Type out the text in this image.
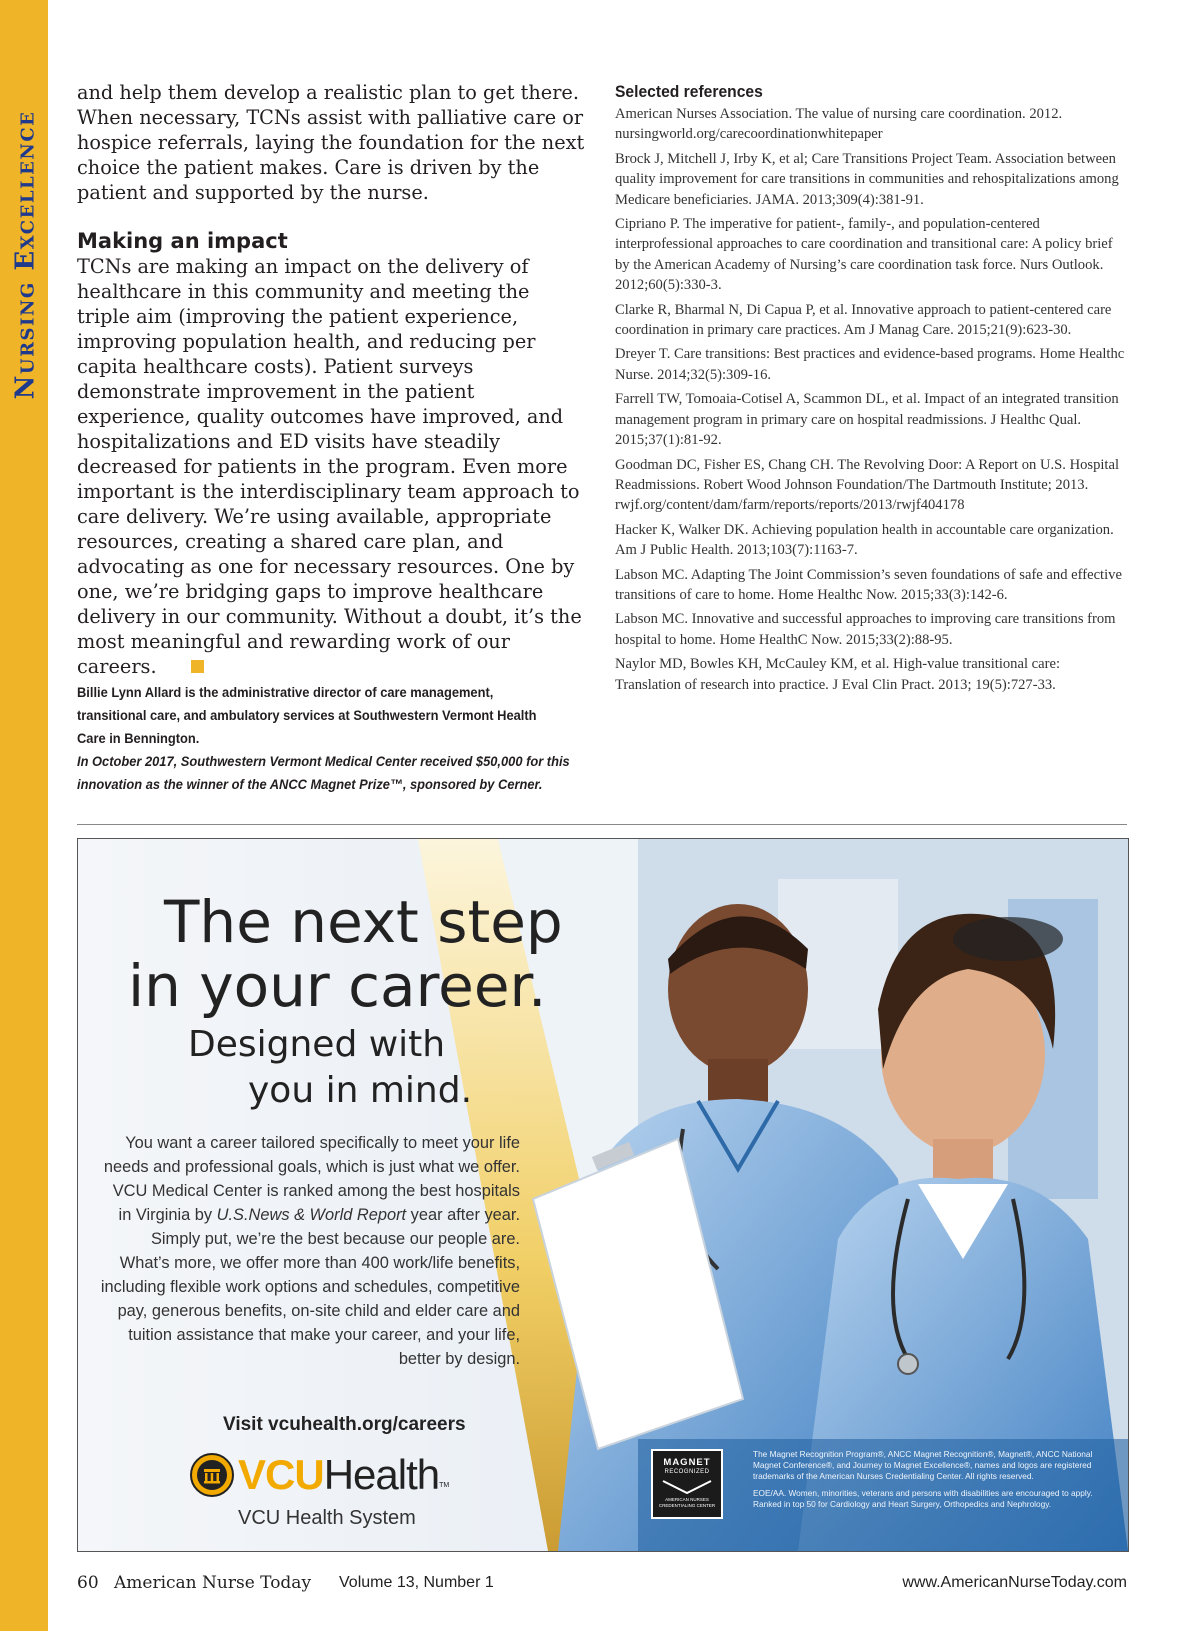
Nursing Excellence

and help them develop a realistic plan to get there. When necessary, TCNs assist with palliative care or hospice referrals, laying the foundation for the next choice the patient makes. Care is driven by the patient and supported by the nurse.

Making an impact

TCNs are making an impact on the delivery of healthcare in this community and meeting the triple aim (improving the patient experience, improving population health, and reducing per capita healthcare costs). Patient surveys demonstrate improvement in the patient experience, quality outcomes have improved, and hospitalizations and ED visits have steadily decreased for patients in the program. Even more important is the interdisciplinary team approach to care delivery. We’re using available, appropriate resources, creating a shared care plan, and advocating as one for necessary resources. One by one, we’re bridging gaps to improve healthcare delivery in our community. Without a doubt, it’s the most meaningful and rewarding work of our careers.

Billie Lynn Allard is the administrative director of care management, transitional care, and ambulatory services at Southwestern Vermont Health Care in Bennington.
In October 2017, Southwestern Vermont Medical Center received $50,000 for this innovation as the winner of the ANCC Magnet Prize™, sponsored by Cerner.
Selected references

American Nurses Association. The value of nursing care coordination. 2012. nursingworld.org/carecoordinationwhitepaper

Brock J, Mitchell J, Irby K, et al; Care Transitions Project Team. Association between quality improvement for care transitions in communities and rehospitalizations among Medicare beneficiaries. JAMA. 2013;309(4):381-91.

Cipriano P. The imperative for patient-, family-, and population-centered interprofessional approaches to care coordination and transitional care: A policy brief by the American Academy of Nursing’s care coordination task force. Nurs Outlook. 2012;60(5):330-3.

Clarke R, Bharmal N, Di Capua P, et al. Innovative approach to patient-centered care coordination in primary care practices. Am J Manag Care. 2015;21(9):623-30.

Dreyer T. Care transitions: Best practices and evidence-based programs. Home Healthc Nurse. 2014;32(5):309-16.

Farrell TW, Tomoaia-Cotisel A, Scammon DL, et al. Impact of an integrated transition management program in primary care on hospital readmissions. J Healthc Qual. 2015;37(1):81-92.

Goodman DC, Fisher ES, Chang CH. The Revolving Door: A Report on U.S. Hospital Readmissions. Robert Wood Johnson Foundation/The Dartmouth Institute; 2013. rwjf.org/content/dam/farm/reports/reports/2013/rwjf404178

Hacker K, Walker DK. Achieving population health in accountable care organization. Am J Public Health. 2013;103(7):1163-7.

Labson MC. Adapting The Joint Commission’s seven foundations of safe and effective transitions of care to home. Home Healthc Now. 2015;33(3):142-6.

Labson MC. Innovative and successful approaches to improving care transitions from hospital to home. Home HealthC Now. 2015;33(2):88-95.

Naylor MD, Bowles KH, McCauley KM, et al. High-value transitional care: Translation of research into practice. J Eval Clin Pract. 2013; 19(5):727-33.

The next step
in your career.
Designed with
you in mind.

You want a career tailored specifically to meet your life needs and professional goals, which is just what we offer. VCU Medical Center is ranked among the best hospitals in Virginia by U.S.News & World Report year after year. Simply put, we’re the best because our people are. What’s more, we offer more than 400 work/life benefits, including flexible work options and schedules, competitive pay, generous benefits, on-site child and elder care and tuition assistance that make your career, and your life, better by design.

Visit vcuhealth.org/careers
VCU Health TM
VCU Health System
MAGNET
RECOGNIZED
AMERICAN NURSES CREDENTIALING CENTER

The Magnet Recognition Program®, ANCC Magnet Recognition®, Magnet®, ANCC National Magnet Conference®, and Journey to Magnet Excellence®, names and logos are registered trademarks of the American Nurses Credentialing Center. All rights reserved.

EOE/AA. Women, minorities, veterans and persons with disabilities are encouraged to apply. Ranked in top 50 for Cardiology and Heart Surgery, Orthopedics and Nephrology.

60 American Nurse Today Volume 13, Number 1	www.AmericanNurseToday.com
